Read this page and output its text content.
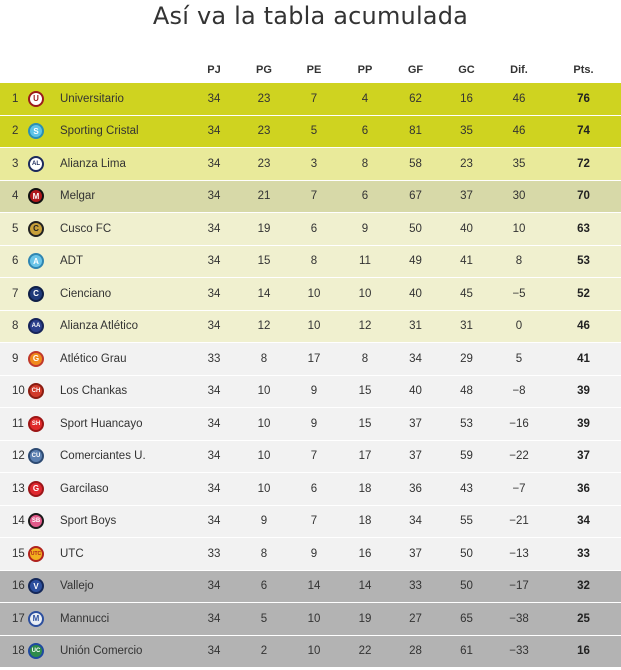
Así va la tabla acumulada
		PJ	PG	PE	PP	GF	GC	Dif.	Pts.
1	U Universitario	34	23	7	4	62	16	46	76
2	S Sporting Cristal	34	23	5	6	81	35	46	74
3	AL Alianza Lima	34	23	3	8	58	23	35	72
4	M Melgar	34	21	7	6	67	37	30	70
5	C Cusco FC	34	19	6	9	50	40	10	63
6	A ADT	34	15	8	11	49	41	8	53
7	C Cienciano	34	14	10	10	40	45	−5	52
8	AA Alianza Atlético	34	12	10	12	31	31	0	46
9	G Atlético Grau	33	8	17	8	34	29	5	41
10	CH Los Chankas	34	10	9	15	40	48	−8	39
11	SH Sport Huancayo	34	10	9	15	37	53	−16	39
12	CU Comerciantes U.	34	10	7	17	37	59	−22	37
13	G Garcilaso	34	10	6	18	36	43	−7	36
14	SB Sport Boys	34	9	7	18	34	55	−21	34
15	UTC UTC	33	8	9	16	37	50	−13	33
16	V Vallejo	34	6	14	14	33	50	−17	32
17	M Mannucci	34	5	10	19	27	65	−38	25
18	UC Unión Comercio	34	2	10	22	28	61	−33	16
